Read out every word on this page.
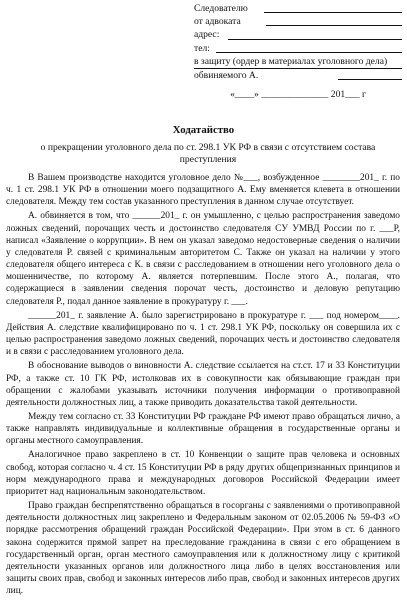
Следователю
от адвоката
адрес:
тел:
в защиту (ордер в материалах уголовного дела)
обвиняемого А.
«____» ______________ 201___ г
Ходатайство
о прекращении уголовного дела по ст. 298.1 УК РФ в связи с отсутствием состава преступления

В Вашем производстве находится уголовное дело №___, возбужденное ________201_ г. по ч. 1 ст. 298.1 УК РФ в отношении моего подзащитного А. Ему вменяется клевета в отношении следователя. Между тем состав указанного преступления в данном случае отсутствует.

А. обвиняется в том, что ______201_ г. он умышленно, с целью распространения заведомо ложных сведений, порочащих честь и достоинство следователя СУ УМВД России по г. ___Р, написал «Заявление о коррупции». В нем он указал заведомо недостоверные сведения о наличии у следователя Р. связей с криминальным авторитетом С. Также он указал на наличии у этого следователя общего интереса с К. в связи с расследованием в отношении него уголовного дела о мошенничестве, по которому А. является потерпевшим. После этого А., полагая, что содержащиеся в заявлении сведения порочат честь, достоинство и деловую репутацию следователя Р., подал данное заявление в прокуратуру г. ___.

______201_ г. заявление А. было зарегистрировано в прокуратуре г. ___ под номером____. Действия А. следствие квалифицировано по ч. 1 ст. 298.1 УК РФ, поскольку он совершила их с целью распространения заведомо ложных сведений, порочащих честь и достоинство следователя и в связи с расследованием уголовного дела.

В обоснование выводов о виновности А. следствие ссылается на ст.ст. 17 и 33 Конституции РФ, а также ст. 10 ГК РФ, истолковав их в совокупности как обязывающие граждан при обращении с жалобами указывать источники получения информации о противоправной деятельности должностных лиц, а также приводить доказательства такой деятельности.

Между тем согласно ст. 33 Конституции РФ граждане РФ имеют право обращаться лично, а также направлять индивидуальные и коллективные обращения в государственные органы и органы местного самоуправления.

Аналогичное право закреплено в ст. 10 Конвенции о защите прав человека и основных свобод, которая согласно ч. 4 ст. 15 Конституции РФ в ряду других общепризнанных принципов и норм международного права и международных договоров Российской Федерации имеет приоритет над национальным законодательством.

Право граждан беспрепятственно обращаться в госорганы с заявлениями о противоправной деятельности должностных лиц закреплено и Федеральным законом от 02.05.2006 № 59-ФЗ «О порядке рассмотрения обращений граждан Российской Федерации». При этом в ст. 6 данного закона содержится прямой запрет на преследование гражданина в связи с его обращением в государственный орган, орган местного самоуправления или к должностному лицу с критикой деятельности указанных органов или должностного лица либо в целях восстановления или защиты своих прав, свобод и законных интересов либо прав, свобод и законных интересов других лиц.
